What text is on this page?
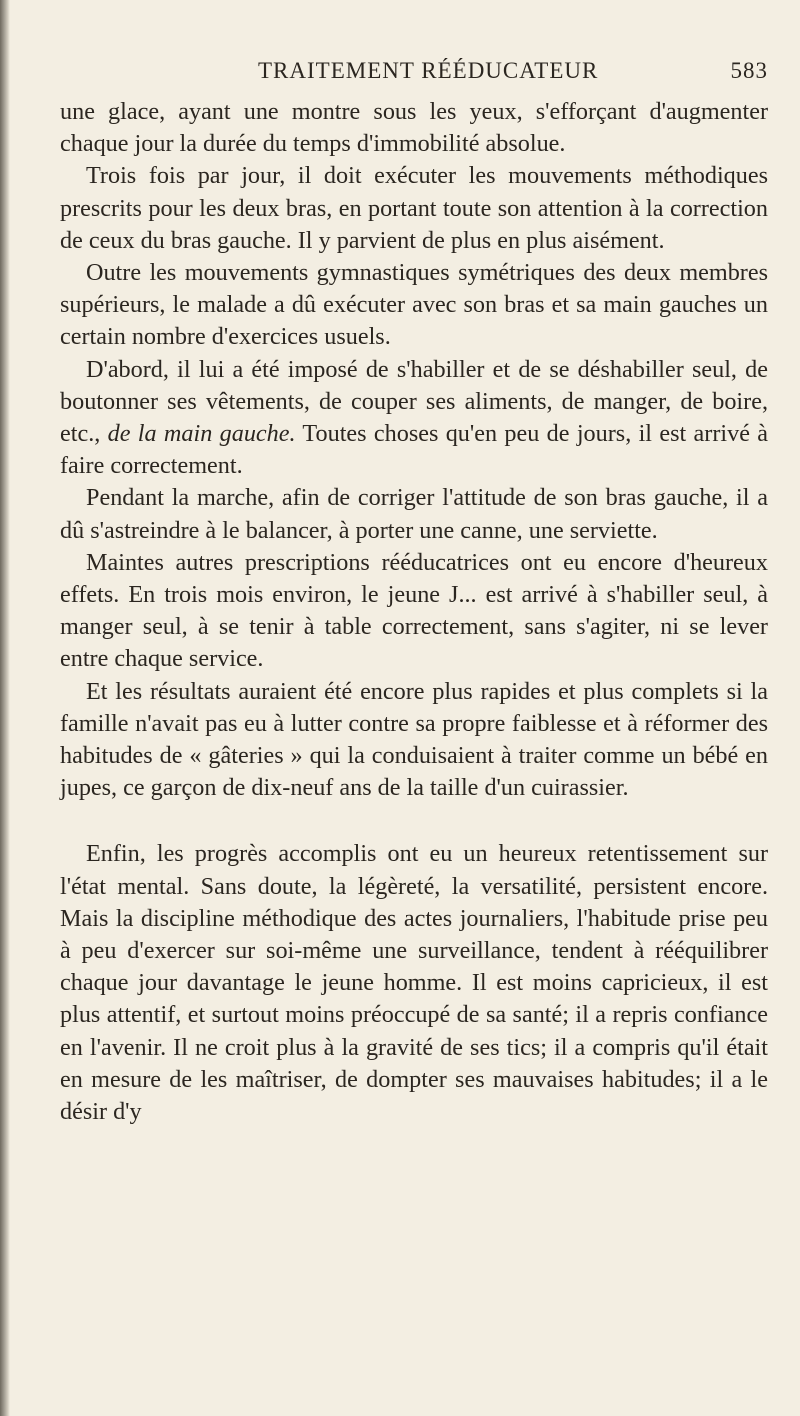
TRAITEMENT RÉÉDUCATEUR	583

une glace, ayant une montre sous les yeux, s'efforçant d'augmenter chaque jour la durée du temps d'immobilité absolue.

Trois fois par jour, il doit exécuter les mouvements méthodiques prescrits pour les deux bras, en portant toute son attention à la correction de ceux du bras gauche. Il y parvient de plus en plus aisément.

Outre les mouvements gymnastiques symétriques des deux membres supérieurs, le malade a dû exécuter avec son bras et sa main gauches un certain nombre d'exercices usuels.

D'abord, il lui a été imposé de s'habiller et de se déshabiller seul, de boutonner ses vêtements, de couper ses aliments, de manger, de boire, etc., de la main gauche. Toutes choses qu'en peu de jours, il est arrivé à faire correctement.

Pendant la marche, afin de corriger l'attitude de son bras gauche, il a dû s'astreindre à le balancer, à porter une canne, une serviette.

Maintes autres prescriptions rééducatrices ont eu encore d'heureux effets. En trois mois environ, le jeune J... est arrivé à s'habiller seul, à manger seul, à se tenir à table correctement, sans s'agiter, ni se lever entre chaque service.

Et les résultats auraient été encore plus rapides et plus complets si la famille n'avait pas eu à lutter contre sa propre faiblesse et à réformer des habitudes de « gâteries » qui la conduisaient à traiter comme un bébé en jupes, ce garçon de dix-neuf ans de la taille d'un cuirassier.

Enfin, les progrès accomplis ont eu un heureux retentissement sur l'état mental. Sans doute, la légèreté, la versatilité, persistent encore. Mais la discipline méthodique des actes journaliers, l'habitude prise peu à peu d'exercer sur soi-même une surveillance, tendent à rééquilibrer chaque jour davantage le jeune homme. Il est moins capricieux, il est plus attentif, et surtout moins préoccupé de sa santé; il a repris confiance en l'avenir. Il ne croit plus à la gravité de ses tics; il a compris qu'il était en mesure de les maîtriser, de dompter ses mauvaises habitudes; il a le désir d'y
